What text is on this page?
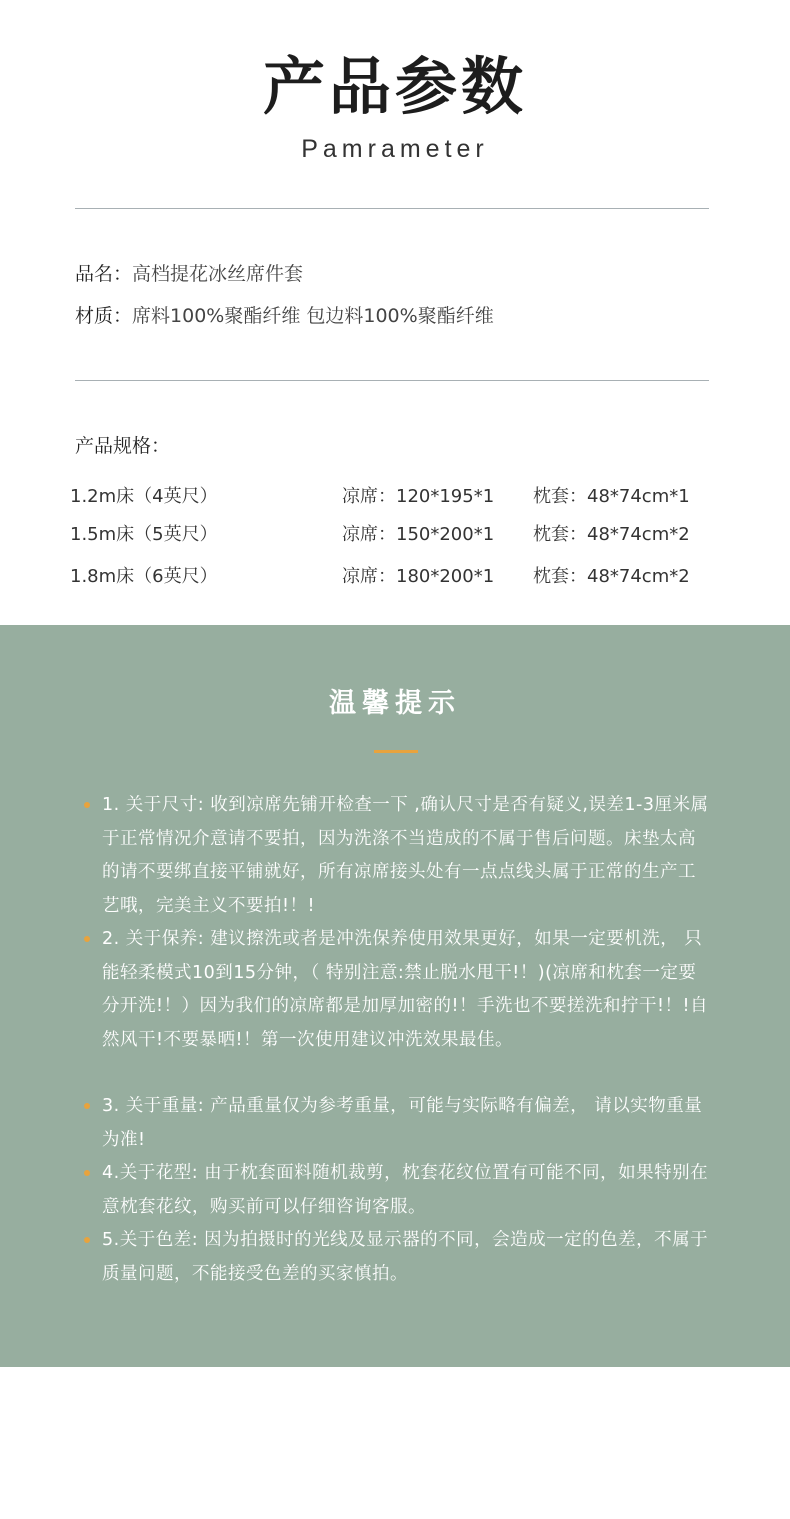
产品参数
Pamrameter
品名：高档提花冰丝席件套
材质：席料100%聚酯纤维 包边料100%聚酯纤维
产品规格：
1.2m床（4英尺）	凉席：120*195*1 枕套：48*74cm*1
1.5m床（5英尺）	凉席：150*200*1 枕套：48*74cm*2
1.8m床（6英尺）	凉席：180*200*1 枕套：48*74cm*2
温馨提示

1. 关于尺寸: 收到凉席先铺开检查一下 ,确认尺寸是否有疑义,误差1-3厘米属于正常情况介意请不要拍，因为洗涤不当造成的不属于售后问题。床垫太高的请不要绑直接平铺就好，所有凉席接头处有一点点线头属于正常的生产工艺哦，完美主义不要拍!！!

2. 关于保养: 建议擦洗或者是冲洗保养使用效果更好，如果一定要机洗， 只能轻柔模式10到15分钟，（ 特别注意:禁止脱水甩干!！)(凉席和枕套一定要分开洗!！）因为我们的凉席都是加厚加密的!！手洗也不要搓洗和拧干!！!自然风干!不要暴晒!！第一次使用建议冲洗效果最佳。

3. 关于重量: 产品重量仅为参考重量，可能与实际略有偏差， 请以实物重量为准!

4.关于花型: 由于枕套面料随机裁剪，枕套花纹位置有可能不同，如果特别在意枕套花纹，购买前可以仔细咨询客服。

5.关于色差: 因为拍摄时的光线及显示器的不同，会造成一定的色差，不属于质量问题，不能接受色差的买家慎拍。
